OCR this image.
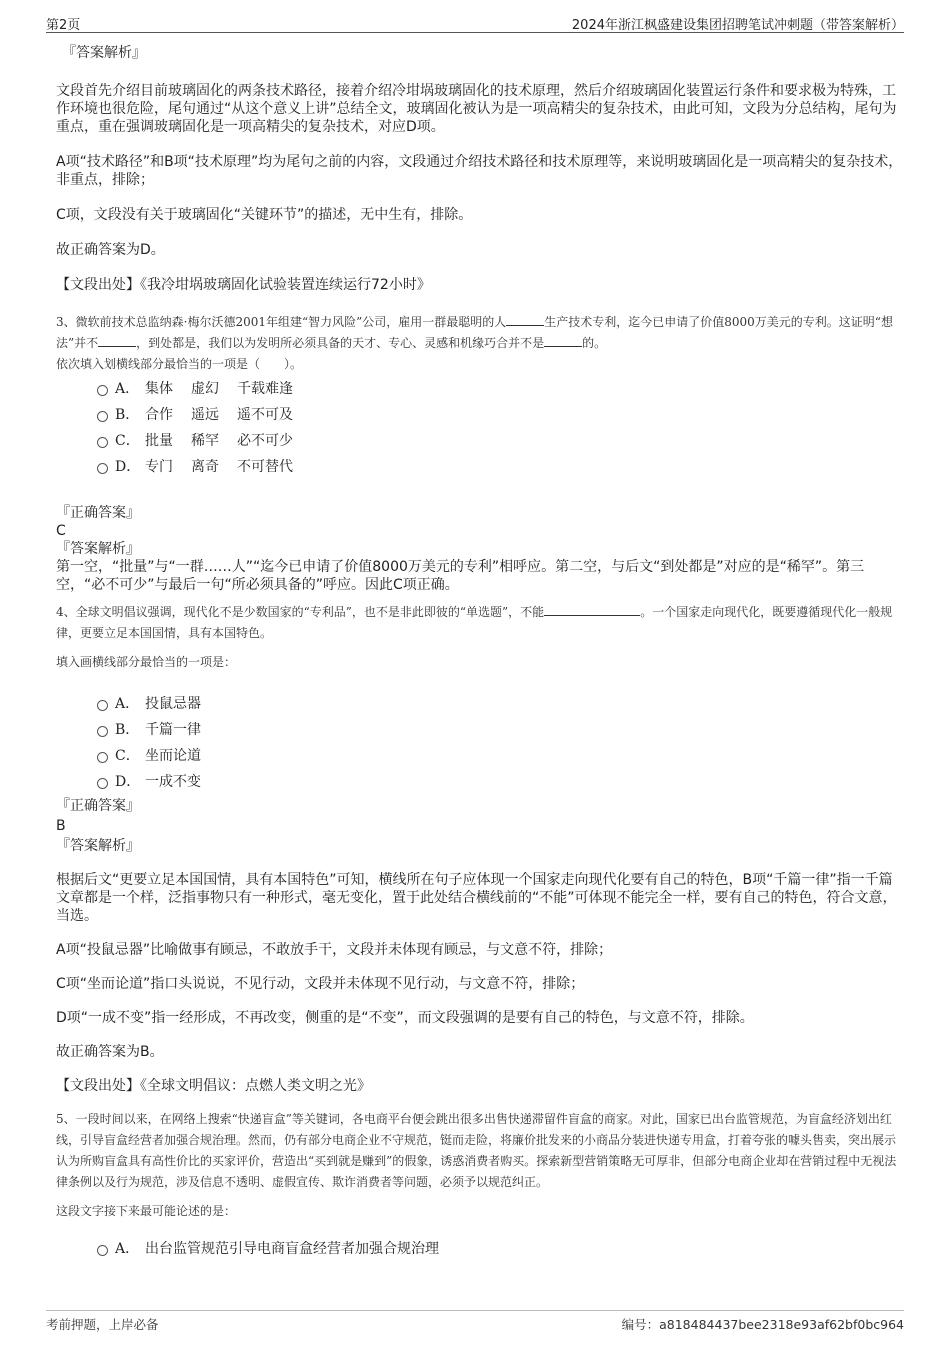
第2页	2024年浙江枫盛建设集团招聘笔试冲刺题（带答案解析）

『答案解析』

文段首先介绍目前玻璃固化的两条技术路径，接着介绍冷坩埚玻璃固化的技术原理，然后介绍玻璃固化装置运行条件和要求极为特殊，工作环境也很危险，尾句通过“从这个意义上讲”总结全文，玻璃固化被认为是一项高精尖的复杂技术，由此可知，文段为分总结构，尾句为重点，重在强调玻璃固化是一项高精尖的复杂技术，对应D项。

A项“技术路径”和B项“技术原理”均为尾句之前的内容，文段通过介绍技术路径和技术原理等，来说明玻璃固化是一项高精尖的复杂技术，非重点，排除；

C项，文段没有关于玻璃固化“关键环节”的描述，无中生有，排除。

故正确答案为D。

【文段出处】《我冷坩埚玻璃固化试验装置连续运行72小时》

3、微软前技术总监纳森·梅尔沃德2001年组建“智力风险”公司，雇用一群最聪明的人	生产技术专利，迄今已申请了价值8000万美元的专利。这证明“想法”并不	，到处都是，我们以为发明所必须具备的天才、专心、灵感和机缘巧合并不是	的。

依次填入划横线部分最恰当的一项是（　　）。

A． 集体 虚幻 千载难逢
B． 合作 遥远 遥不可及
C． 批量 稀罕 必不可少
D． 专门 离奇 不可替代

『正确答案』

C

『答案解析』

第一空，“批量”与“一群……人”“迄今已申请了价值8000万美元的专利”相呼应。第二空，与后文“到处都是”对应的是“稀罕”。第三空，“必不可少”与最后一句“所必须具备的”呼应。因此C项正确。

4、全球文明倡议强调，现代化不是少数国家的“专利品”，也不是非此即彼的“单选题”，不能	。一个国家走向现代化，既要遵循现代化一般规律，更要立足本国国情，具有本国特色。

填入画横线部分最恰当的一项是：

A． 投鼠忌器
B． 千篇一律
C． 坐而论道
D． 一成不变

『正确答案』

B

『答案解析』

根据后文“更要立足本国国情，具有本国特色”可知，横线所在句子应体现一个国家走向现代化要有自己的特色，B项“千篇一律”指一千篇文章都是一个样，泛指事物只有一种形式，毫无变化，置于此处结合横线前的“不能”可体现不能完全一样，要有自己的特色，符合文意，当选。

A项“投鼠忌器”比喻做事有顾忌，不敢放手干，文段并未体现有顾忌，与文意不符，排除；

C项“坐而论道”指口头说说，不见行动，文段并未体现不见行动，与文意不符，排除；

D项“一成不变”指一经形成，不再改变，侧重的是“不变”，而文段强调的是要有自己的特色，与文意不符，排除。

故正确答案为B。

【文段出处】《全球文明倡议：点燃人类文明之光》

5、一段时间以来，在网络上搜索“快递盲盒”等关键词，各电商平台便会跳出很多出售快递滞留件盲盒的商家。对此，国家已出台监管规范，为盲盒经济划出红线，引导盲盒经营者加强合规治理。然而，仍有部分电商企业不守规范，铤而走险，将廉价批发来的小商品分装进快递专用盒，打着夸张的噱头售卖，突出展示认为所购盲盒具有高性价比的买家评价，营造出“买到就是赚到”的假象，诱惑消费者购买。探索新型营销策略无可厚非，但部分电商企业却在营销过程中无视法律条例以及行为规范，涉及信息不透明、虚假宣传、欺诈消费者等问题，必须予以规范纠正。

这段文字接下来最可能论述的是：

A． 出台监管规范引导电商盲盒经营者加强合规治理
考前押题，上岸必备	编号：a818484437bee2318e93af62bf0bc964
